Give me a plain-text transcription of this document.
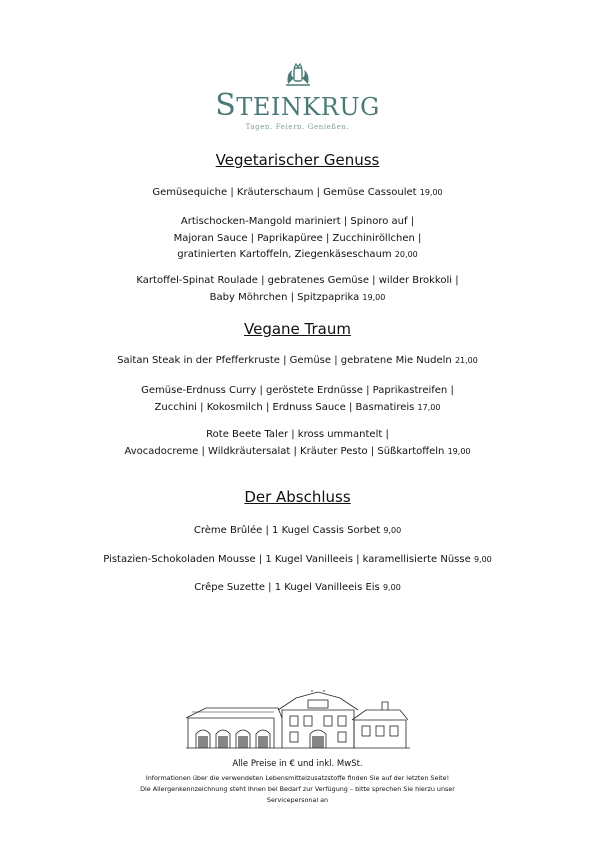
STEINKRUG
Tagen. Feiern. Genießen.
Vegetarischer Genuss
Gemüsequiche | Kräuterschaum | Gemüse Cassoulet 19,00
Artischocken-Mangold mariniert | Spinoro auf |
Majoran Sauce | Paprikapüree | Zucchiniröllchen |
gratinierten Kartoffeln, Ziegenkäseschaum 20,00
Kartoffel-Spinat Roulade | gebratenes Gemüse | wilder Brokkoli |
Baby Möhrchen | Spitzpaprika 19,00
Vegane Traum
Saitan Steak in der Pfefferkruste | Gemüse | gebratene Mie Nudeln 21,00
Gemüse-Erdnuss Curry | geröstete Erdnüsse | Paprikastreifen |
Zucchini | Kokosmilch | Erdnuss Sauce | Basmatireis 17,00
Rote Beete Taler | kross ummantelt |
Avocadocreme | Wildkräutersalat | Kräuter Pesto | Süßkartoffeln 19,00
Der Abschluss
Crème Brûlée | 1 Kugel Cassis Sorbet 9,00
Pistazien-Schokoladen Mousse | 1 Kugel Vanilleeis | karamellisierte Nüsse 9,00
Crêpe Suzette | 1 Kugel Vanilleeis Eis 9,00
Alle Preise in € und inkl. MwSt.
Informationen über die verwendeten Lebensmittelzusatzstoffe finden Sie auf der letzten Seite!
Die Allergenkennzeichnung steht Ihnen bei Bedarf zur Verfügung – bitte sprechen Sie hierzu unser
Servicepersonal an
